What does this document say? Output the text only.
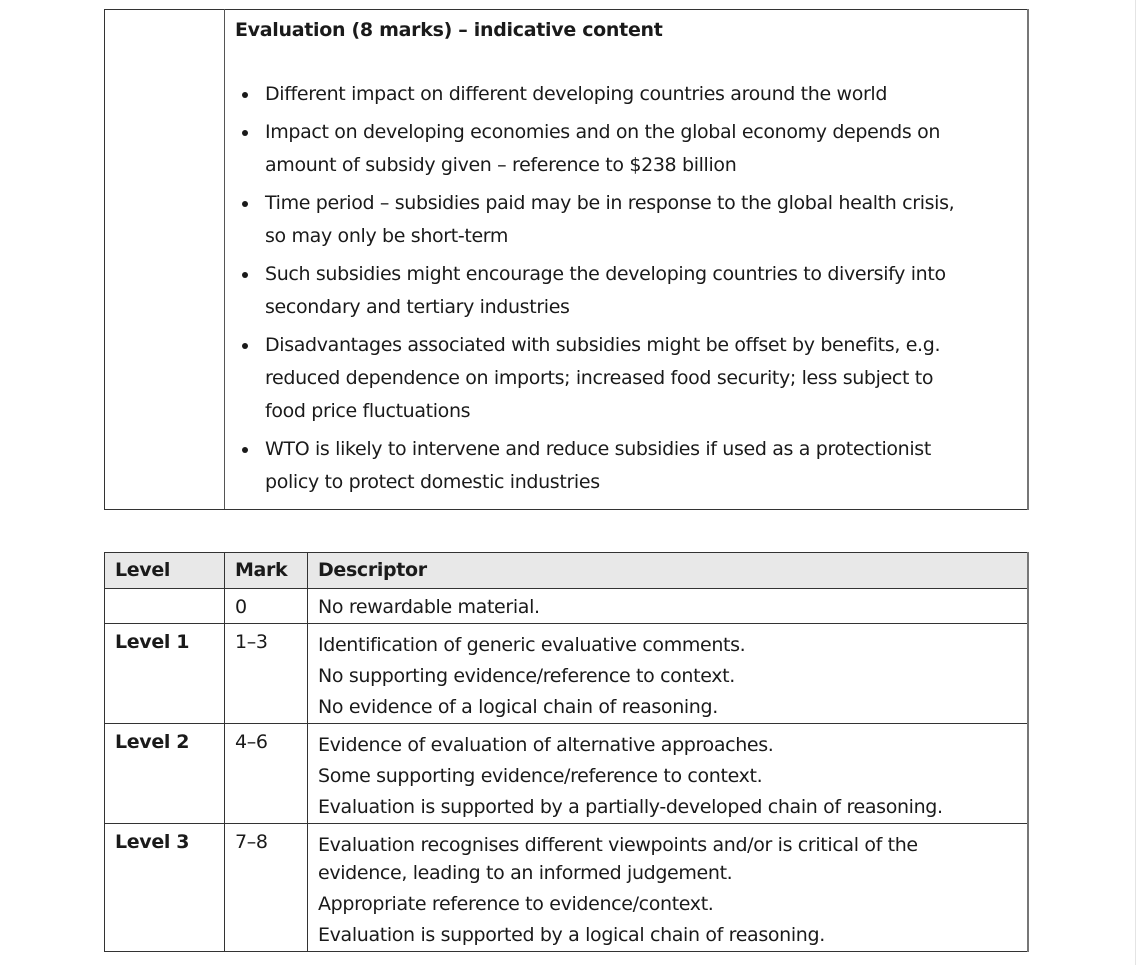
Evaluation (8 marks) – indicative content

Different impact on different developing countries around the world
Impact on developing economies and on the global economy depends on
amount of subsidy given – reference to $238 billion
Time period – subsidies paid may be in response to the global health crisis,
so may only be short-term
Such subsidies might encourage the developing countries to diversify into
secondary and tertiary industries
Disadvantages associated with subsidies might be offset by benefits, e.g.
reduced dependence on imports; increased food security; less subject to
food price fluctuations
WTO is likely to intervene and reduce subsidies if used as a protectionist
policy to protect domestic industries
Level	Mark	Descriptor
	0	No rewardable material.

Level 1	1–3	Identification of generic evaluative comments.
No supporting evidence/reference to context.
No evidence of a logical chain of reasoning.

Level 2	4–6	Evidence of evaluation of alternative approaches.
Some supporting evidence/reference to context.
Evaluation is supported by a partially-developed chain of reasoning.

Level 3	7–8	Evaluation recognises different viewpoints and/or is critical of the
evidence, leading to an informed judgement.
Appropriate reference to evidence/context.
Evaluation is supported by a logical chain of reasoning.
